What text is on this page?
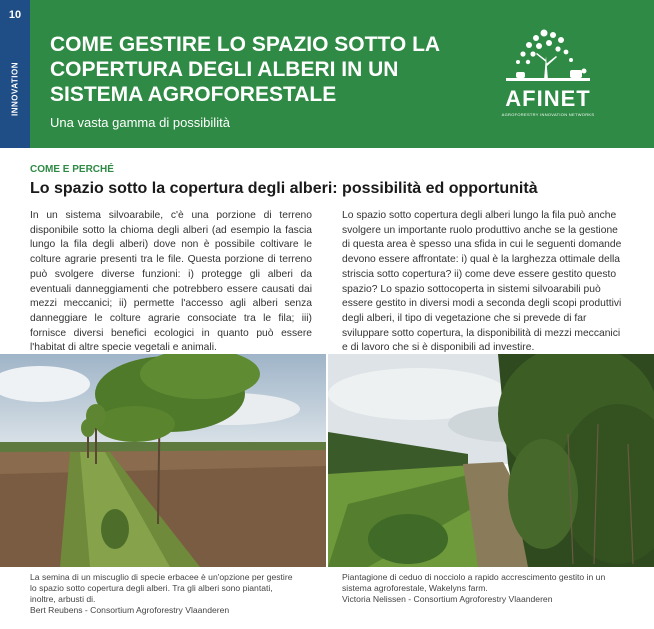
10
INNOVATION
COME GESTIRE LO SPAZIO SOTTO LA COPERTURA DEGLI ALBERI IN UN SISTEMA AGROFORESTALE
Una vasta gamma di possibilità
AFINET
AGROFORESTRY INNOVATION NETWORKS
COME E PERCHÉ
Lo spazio sotto la copertura degli alberi: possibilità ed opportunità

In un sistema silvoarabile, c'è una porzione di terreno disponibile sotto la chioma degli alberi (ad esempio la fascia lungo la fila degli alberi) dove non è possibile coltivare le colture agrarie presenti tra le file. Questa porzione di terreno può svolgere diverse funzioni: i) protegge gli alberi da eventuali danneggiamenti che potrebbero essere causati dai mezzi meccanici; ii) permette l'accesso agli alberi senza danneggiare le colture agrarie consociate tra le fila; iii) fornisce diversi benefici ecologici in quanto può essere l'habitat di altre specie vegetali e animali.

Lo spazio sotto copertura degli alberi lungo la fila può anche svolgere un importante ruolo produttivo anche se la gestione di questa area è spesso una sfida in cui le seguenti domande devono essere affrontate: i) qual è la larghezza ottimale della striscia sotto copertura? ii) come deve essere gestito questo spazio? Lo spazio sottocoperta in sistemi silvoarabili può essere gestito in diversi modi a seconda degli scopi produttivi degli alberi, il tipo di vegetazione che si prevede di far sviluppare sotto copertura, la disponibilità di mezzi meccanici e di lavoro che si è disponibili ad investire.

La semina di un miscuglio di specie erbacee è un'opzione per gestire lo spazio sotto copertura degli alberi. Tra gli alberi sono piantati, inoltre, arbusti di.
Bert Reubens - Consortium Agroforestry Vlaanderen

Piantagione di ceduo di nocciolo a rapido accrescimento gestito in un sistema agroforestale, Wakelyns farm.
Victoria Nelissen - Consortium Agroforestry Vlaanderen
